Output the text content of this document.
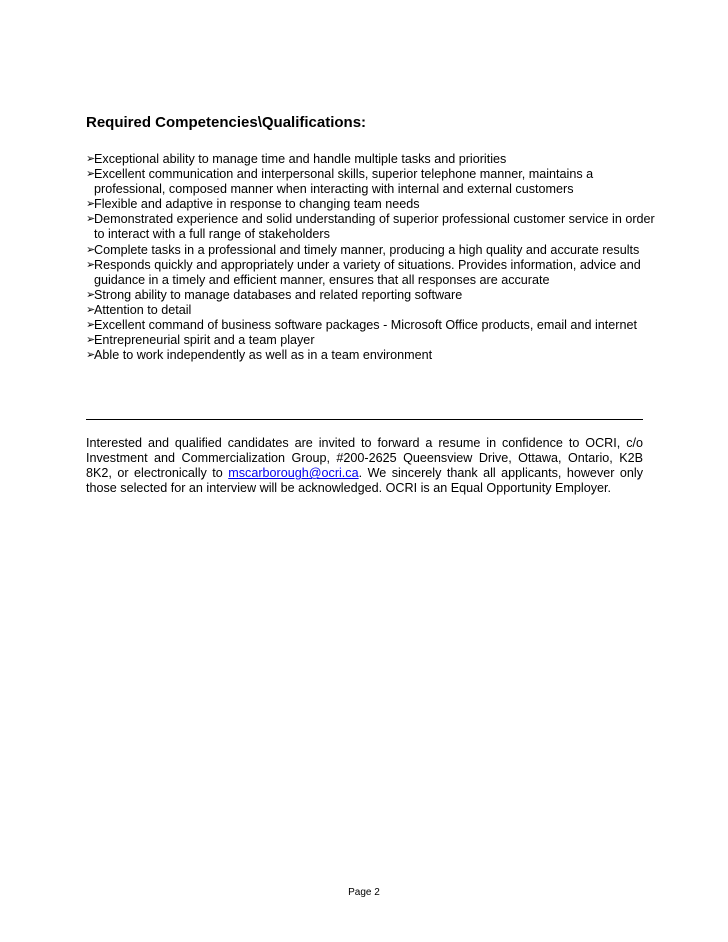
Required Competencies\Qualifications:
➢
Exceptional ability to manage time and handle multiple tasks and priorities
➢
Excellent communication and interpersonal skills, superior telephone manner, maintains a professional, composed manner when interacting with internal and external customers
➢
Flexible and adaptive in response to changing team needs
➢
Demonstrated experience and solid understanding of superior professional customer service in order to interact with a full range of stakeholders
➢
Complete tasks in a professional and timely manner, producing a high quality and accurate results
➢
Responds quickly and appropriately under a variety of situations. Provides information, advice and guidance in a timely and efficient manner, ensures that all responses are accurate
➢
Strong ability to manage databases and related reporting software
➢
Attention to detail
➢
Excellent command of business software packages - Microsoft Office products, email and internet
➢
Entrepreneurial spirit and a team player
➢
Able to work independently as well as in a team environment

Interested and qualified candidates are invited to forward a resume in confidence to OCRI, c/o Investment and Commercialization Group, #200-2625 Queensview Drive, Ottawa, Ontario, K2B 8K2, or electronically to mscarborough@ocri.ca. We sincerely thank all applicants, however only those selected for an interview will be acknowledged. OCRI is an Equal Opportunity Employer.

Page 2
